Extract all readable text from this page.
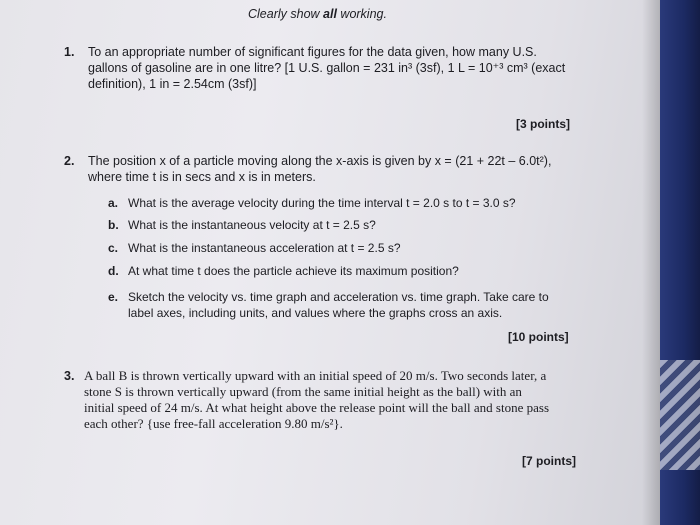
Clearly show all working.
1. To an appropriate number of significant figures for the data given, how many U.S.
gallons of gasoline are in one litre? [1 U.S. gallon = 231 in³ (3sf), 1 L = 10⁺³ cm³ (exact
definition), 1 in = 2.54cm (3sf)]
[3 points]
2. The position x of a particle moving along the x-axis is given by x = (21 + 22t – 6.0t²),
where time t is in secs and x is in meters.
a. What is the average velocity during the time interval t = 2.0 s to t = 3.0 s?
b. What is the instantaneous velocity at t = 2.5 s?
c. What is the instantaneous acceleration at t = 2.5 s?
d. At what time t does the particle achieve its maximum position?
e. Sketch the velocity vs. time graph and acceleration vs. time graph. Take care to
label axes, including units, and values where the graphs cross an axis.
[10 points]
3. A ball B is thrown vertically upward with an initial speed of 20 m/s. Two seconds later, a
stone S is thrown vertically upward (from the same initial height as the ball) with an
initial speed of 24 m/s. At what height above the release point will the ball and stone pass
each other? {use free-fall acceleration 9.80 m/s²}.
[7 points]
